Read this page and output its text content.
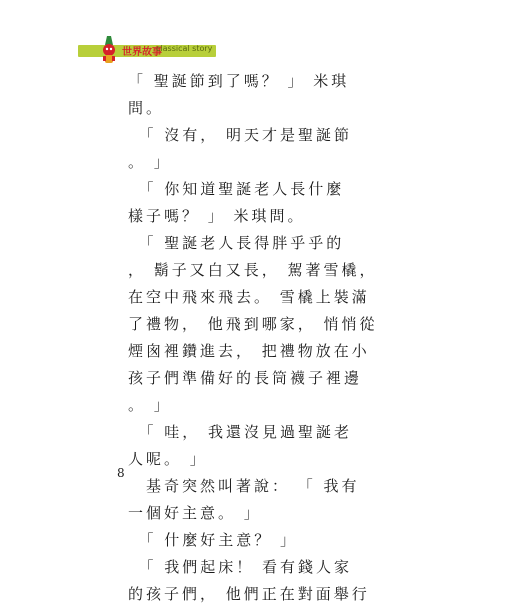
世界故事
classical story
「 聖誕節到了嗎？ 」 米琪
問。
　「 沒有， 明天才是聖誕節
。 」
　「 你知道聖誕老人長什麼
樣子嗎？ 」 米琪問。
　「 聖誕老人長得胖乎乎的
， 鬍子又白又長， 駕著雪橇，
在空中飛來飛去。 雪橇上裝滿
了禮物， 他飛到哪家， 悄悄從
煙囪裡鑽進去， 把禮物放在小
孩子們準備好的長筒襪子裡邊
。 」
　「 哇， 我還沒見過聖誕老
人呢。 」
　基奇突然叫著說： 「 我有
一個好主意。 」
　「 什麼好主意？ 」
　「 我們起床！ 看有錢人家
的孩子們， 他們正在對面舉行
8
